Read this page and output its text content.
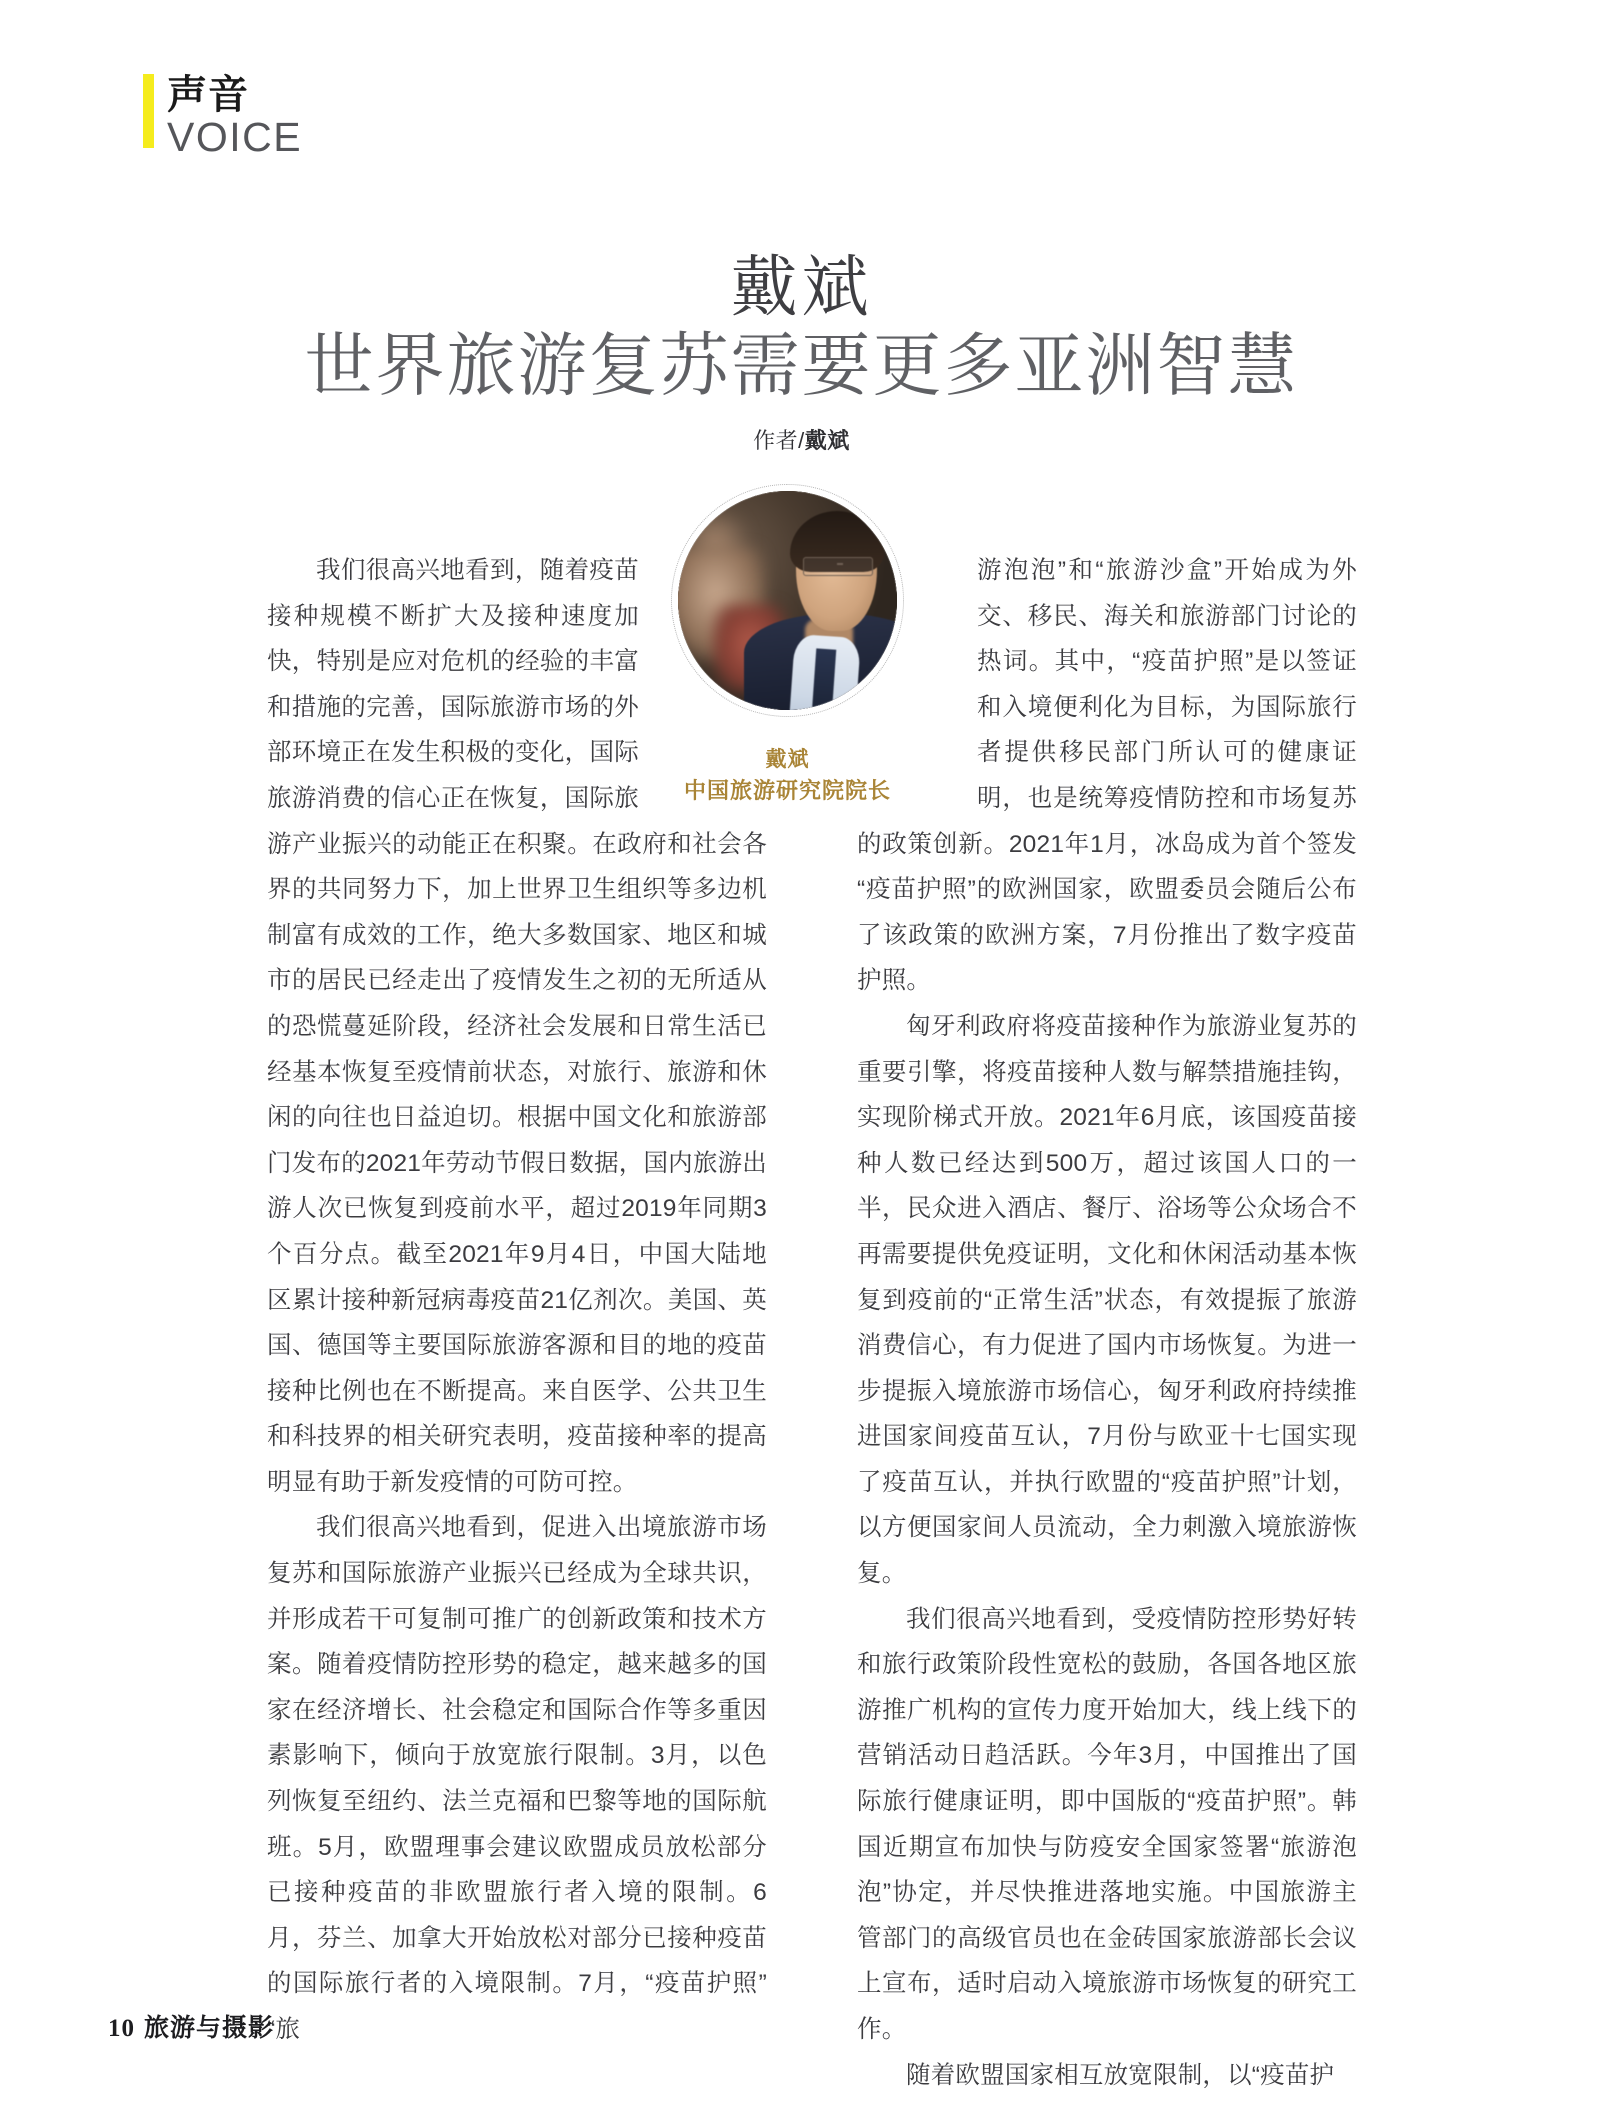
声音
VOICE
戴斌
世界旅游复苏需要更多亚洲智慧
作者/戴斌
戴斌
中国旅游研究院院长

我们很高兴地看到，随着疫苗接种规模不断扩大及接种速度加快，特别是应对危机的经验的丰富和措施的完善，国际旅游市场的外部环境正在发生积极的变化，国际旅游消费的信心正在恢复，国际旅游产业振兴的动能正在积聚。在政府和社会各界的共同努力下，加上世界卫生组织等多边机制富有成效的工作，绝大多数国家、地区和城市的居民已经走出了疫情发生之初的无所适从的恐慌蔓延阶段，经济社会发展和日常生活已经基本恢复至疫情前状态，对旅行、旅游和休闲的向往也日益迫切。根据中国文化和旅游部门发布的2021年劳动节假日数据，国内旅游出游人次已恢复到疫前水平，超过2019年同期3个百分点。截至2021年9月4日，中国大陆地区累计接种新冠病毒疫苗21亿剂次。美国、英国、德国等主要国际旅游客源和目的地的疫苗接种比例也在不断提高。来自医学、公共卫生和科技界的相关研究表明，疫苗接种率的提高明显有助于新发疫情的可防可控。

我们很高兴地看到，促进入出境旅游市场复苏和国际旅游产业振兴已经成为全球共识，并形成若干可复制可推广的创新政策和技术方案。随着疫情防控形势的稳定，越来越多的国家在经济增长、社会稳定和国际合作等多重因素影响下，倾向于放宽旅行限制。3月，以色列恢复至纽约、法兰克福和巴黎等地的国际航班。5月，欧盟理事会建议欧盟成员放松部分已接种疫苗的非欧盟旅行者入境的限制。6月，芬兰、加拿大开始放松对部分已接种疫苗的国际旅行者的入境限制。7月，“疫苗护照”“旅

游泡泡”和“旅游沙盒”开始成为外交、移民、海关和旅游部门讨论的热词。其中，“疫苗护照”是以签证和入境便利化为目标，为国际旅行者提供移民部门所认可的健康证明，也是统筹疫情防控和市场复苏的政策创新。2021年1月，冰岛成为首个签发“疫苗护照”的欧洲国家，欧盟委员会随后公布了该政策的欧洲方案，7月份推出了数字疫苗护照。

匈牙利政府将疫苗接种作为旅游业复苏的重要引擎，将疫苗接种人数与解禁措施挂钩，实现阶梯式开放。2021年6月底，该国疫苗接种人数已经达到500万，超过该国人口的一半，民众进入酒店、餐厅、浴场等公众场合不再需要提供免疫证明，文化和休闲活动基本恢复到疫前的“正常生活”状态，有效提振了旅游消费信心，有力促进了国内市场恢复。为进一步提振入境旅游市场信心，匈牙利政府持续推进国家间疫苗互认，7月份与欧亚十七国实现了疫苗互认，并执行欧盟的“疫苗护照”计划，以方便国家间人员流动，全力刺激入境旅游恢复。

我们很高兴地看到，受疫情防控形势好转和旅行政策阶段性宽松的鼓励，各国各地区旅游推广机构的宣传力度开始加大，线上线下的营销活动日趋活跃。今年3月，中国推出了国际旅行健康证明，即中国版的“疫苗护照”。韩国近期宣布加快与防疫安全国家签署“旅游泡泡”协定，并尽快推进落地实施。中国旅游主管部门的高级官员也在金砖国家旅游部长会议上宣布，适时启动入境旅游市场恢复的研究工作。

随着欧盟国家相互放宽限制，以“疫苗护

10 旅游与摄影
